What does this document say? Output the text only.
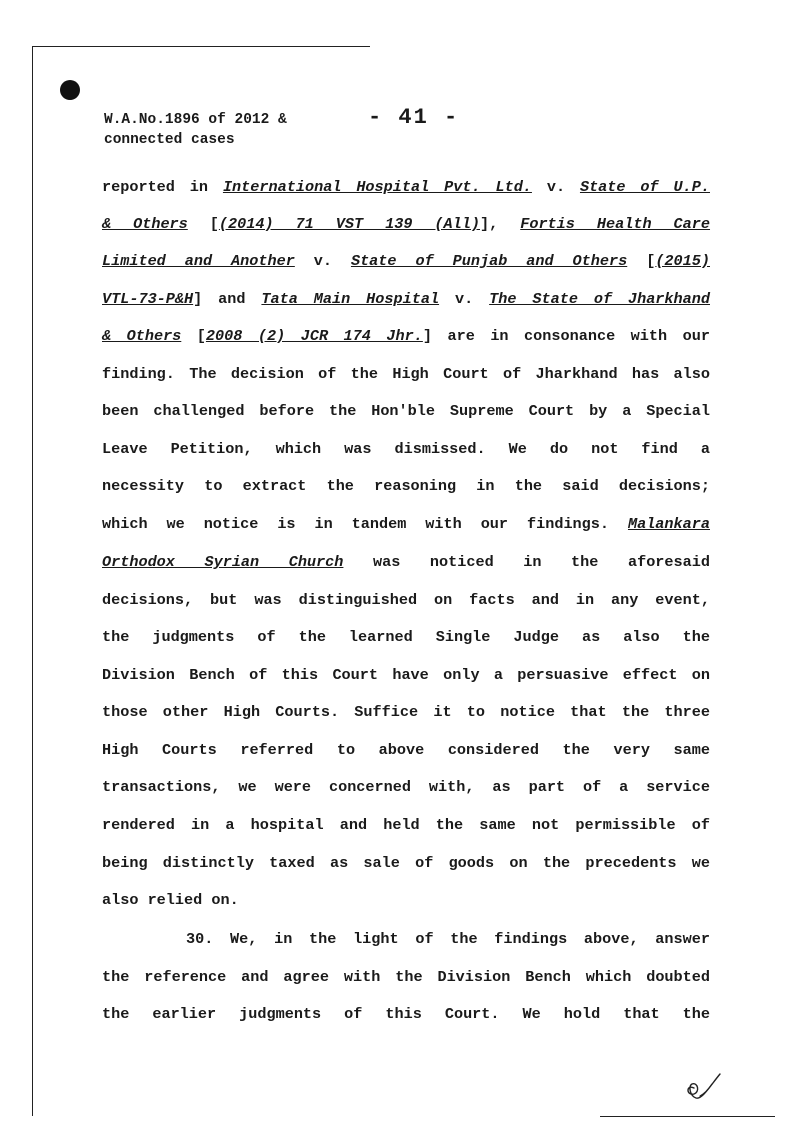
W.A.No.1896 of 2012 &
connected cases
- 41 -
reported in International Hospital Pvt. Ltd. v. State of U.P.
& Others [(2014) 71 VST 139 (All)], Fortis Health Care
Limited and Another v. State of Punjab and Others [(2015)
VTL-73-P&H] and Tata Main Hospital v. The State of Jharkhand
& Others [2008 (2) JCR 174 Jhr.] are in consonance with our
finding. The decision of the High Court of Jharkhand has also
been challenged before the Hon'ble Supreme Court by a Special
Leave Petition, which was dismissed. We do not find a
necessity to extract the reasoning in the said decisions;
which we notice is in tandem with our findings. Malankara
Orthodox Syrian Church was noticed in the aforesaid
decisions, but was distinguished on facts and in any event,
the judgments of the learned Single Judge as also the
Division Bench of this Court have only a persuasive effect on
those other High Courts. Suffice it to notice that the three
High Courts referred to above considered the very same
transactions, we were concerned with, as part of a service
rendered in a hospital and held the same not permissible of
being distinctly taxed as sale of goods on the precedents we
also relied on.
30. We, in the light of the findings above, answer
the reference and agree with the Division Bench which doubted
the earlier judgments of this Court. We hold that the
